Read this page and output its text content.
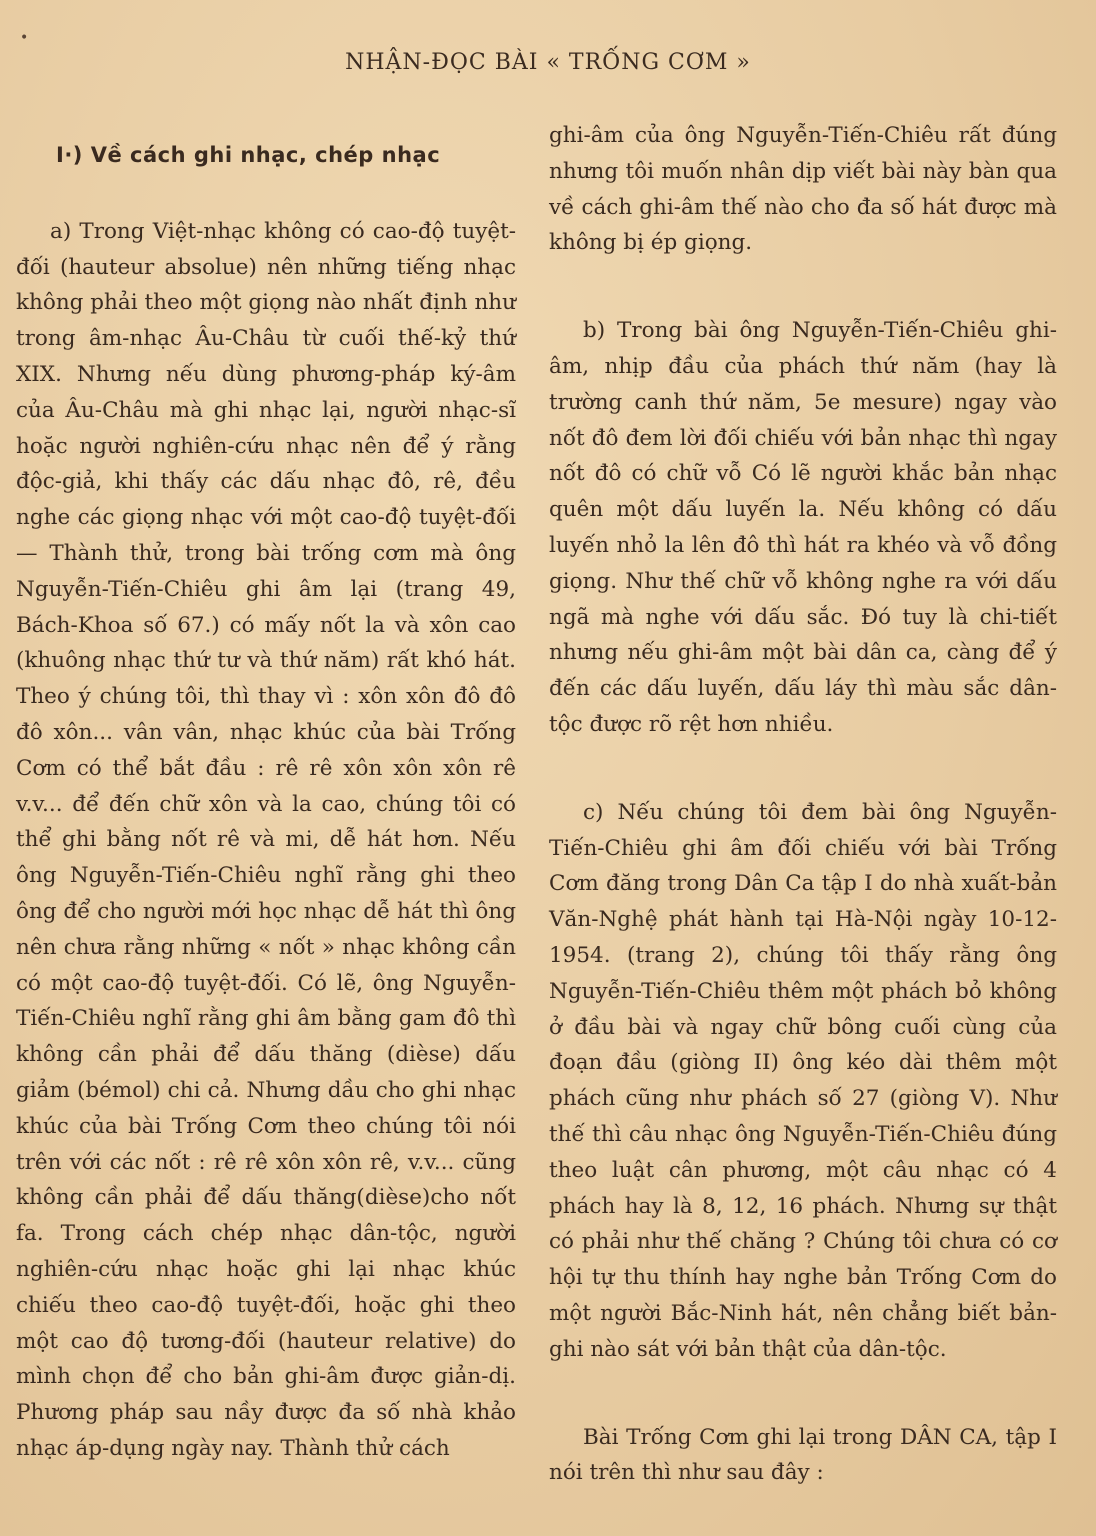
•
NHẬN-ĐỌC BÀI « TRỐNG CƠM »
I·) Về cách ghi nhạc, chép nhạc

a) Trong Việt-nhạc không có cao-độ tuyệt-đối (hauteur absolue) nên những tiếng nhạc không phải theo một giọng nào nhất định như trong âm-nhạc Âu-Châu từ cuối thế-kỷ thứ XIX. Nhưng nếu dùng phương-pháp ký-âm của Âu-Châu mà ghi nhạc lại, người nhạc-sĩ hoặc người nghiên-cứu nhạc nên để ý rằng độc-giả, khi thấy các dấu nhạc đô, rê, đều nghe các giọng nhạc với một cao-độ tuyệt-đối — Thành thử, trong bài trống cơm mà ông Nguyễn-Tiến-Chiêu ghi âm lại (trang 49, Bách-Khoa số 67.) có mấy nốt la và xôn cao (khuông nhạc thứ tư và thứ năm) rất khó hát. Theo ý chúng tôi, thì thay vì : xôn xôn đô đô đô xôn... vân vân, nhạc khúc của bài Trống Cơm có thể bắt đầu : rê rê xôn xôn xôn rê v.v... để đến chữ xôn và la cao, chúng tôi có thể ghi bằng nốt rê và mi, dễ hát hơn. Nếu ông Nguyễn-Tiến-Chiêu nghĩ rằng ghi theo ông để cho người mới học nhạc dễ hát thì ông nên chưa rằng những « nốt » nhạc không cần có một cao-độ tuyệt-đối. Có lẽ, ông Nguyễn-Tiến-Chiêu nghĩ rằng ghi âm bằng gam đô thì không cần phải để dấu thăng (dièse) dấu giảm (bémol) chi cả. Nhưng dầu cho ghi nhạc khúc của bài Trống Cơm theo chúng tôi nói trên với các nốt : rê rê xôn xôn rê, v.v... cũng không cần phải để dấu thăng(dièse)cho nốt fa. Trong cách chép nhạc dân-tộc, người nghiên-cứu nhạc hoặc ghi lại nhạc khúc chiếu theo cao-độ tuyệt-đối, hoặc ghi theo một cao độ tương-đối (hauteur relative) do mình chọn để cho bản ghi-âm được giản-dị. Phương pháp sau nầy được đa số nhà khảo nhạc áp-dụng ngày nay. Thành thử cách

ghi-âm của ông Nguyễn-Tiến-Chiêu rất đúng nhưng tôi muốn nhân dịp viết bài này bàn qua về cách ghi-âm thế nào cho đa số hát được mà không bị ép giọng.

b) Trong bài ông Nguyễn-Tiến-Chiêu ghi-âm, nhịp đầu của phách thứ năm (hay là trường canh thứ năm, 5e mesure) ngay vào nốt đô đem lời đối chiếu với bản nhạc thì ngay nốt đô có chữ vỗ Có lẽ người khắc bản nhạc quên một dấu luyến la. Nếu không có dấu luyến nhỏ la lên đô thì hát ra khéo và vỗ đồng giọng. Như thế chữ vỗ không nghe ra với dấu ngã mà nghe với dấu sắc. Đó tuy là chi-tiết nhưng nếu ghi-âm một bài dân ca, càng để ý đến các dấu luyến, dấu láy thì màu sắc dân-tộc được rõ rệt hơn nhiều.

c) Nếu chúng tôi đem bài ông Nguyễn-Tiến-Chiêu ghi âm đối chiếu với bài Trống Cơm đăng trong Dân Ca tập I do nhà xuất-bản Văn-Nghệ phát hành tại Hà-Nội ngày 10-12-1954. (trang 2), chúng tôi thấy rằng ông Nguyễn-Tiến-Chiêu thêm một phách bỏ không ở đầu bài và ngay chữ bông cuối cùng của đoạn đầu (giòng II) ông kéo dài thêm một phách cũng như phách số 27 (giòng V). Như thế thì câu nhạc ông Nguyễn-Tiến-Chiêu đúng theo luật cân phương, một câu nhạc có 4 phách hay là 8, 12, 16 phách. Nhưng sự thật có phải như thế chăng ? Chúng tôi chưa có cơ hội tự thu thính hay nghe bản Trống Cơm do một người Bắc-Ninh hát, nên chẳng biết bản-ghi nào sát với bản thật của dân-tộc.

Bài Trống Cơm ghi lại trong DÂN CA, tập I nói trên thì như sau đây :
